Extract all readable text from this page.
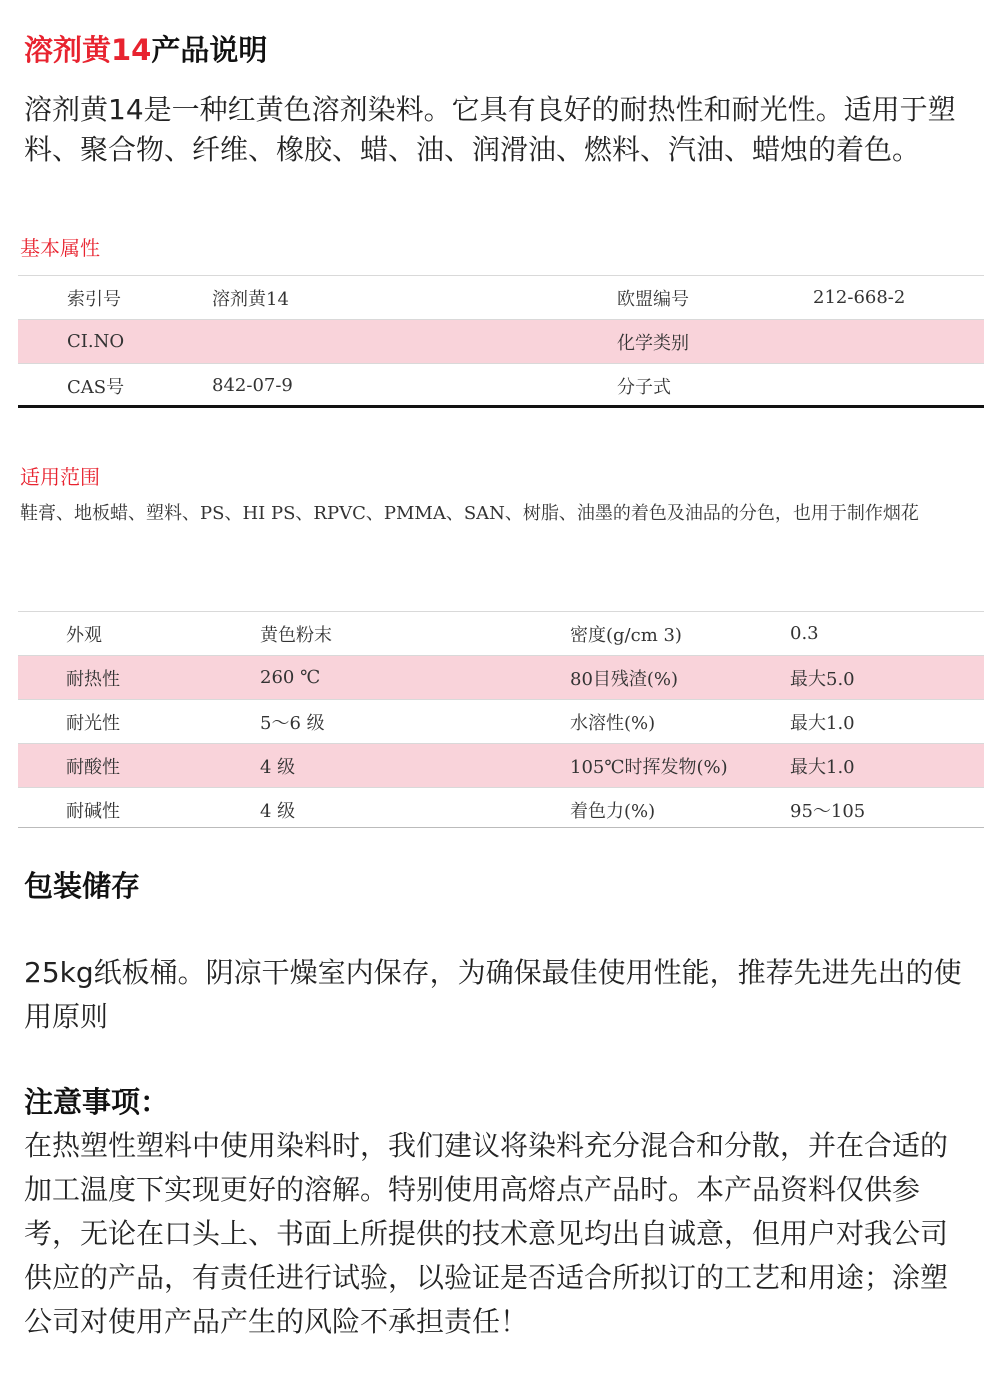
溶剂黄14产品说明
溶剂黄14是一种红黄色溶剂染料。它具有良好的耐热性和耐光性。适用于塑料、聚合物、纤维、橡胶、蜡、油、润滑油、燃料、汽油、蜡烛的着色。
基本属性
	索引号	溶剂黄14	欧盟编号	212-668-2
	CI.NO		化学类别	
	CAS号	842-07-9	分子式	
适用范围
鞋膏、地板蜡、塑料、PS、HI PS、RPVC、PMMA、SAN、树脂、油墨的着色及油品的分色，也用于制作烟花
	外观	黄色粉末	密度(g/cm 3)	0.3
	耐热性	260 ℃	80目残渣(%)	最大5.0
	耐光性	5～6 级	水溶性(%)	最大1.0
	耐酸性	4 级	105℃时挥发物(%)	最大1.0
	耐碱性	4 级	着色力(%)	95～105
包装储存
25kg纸板桶。阴凉干燥室内保存，为确保最佳使用性能，推荐先进先出的使用原则
注意事项：
在热塑性塑料中使用染料时，我们建议将染料充分混合和分散，并在合适的加工温度下实现更好的溶解。特别使用高熔点产品时。本产品资料仅供参考，无论在口头上、书面上所提供的技术意见均出自诚意，但用户对我公司供应的产品，有责任进行试验，以验证是否适合所拟订的工艺和用途；涂塑公司对使用产品产生的风险不承担责任！
